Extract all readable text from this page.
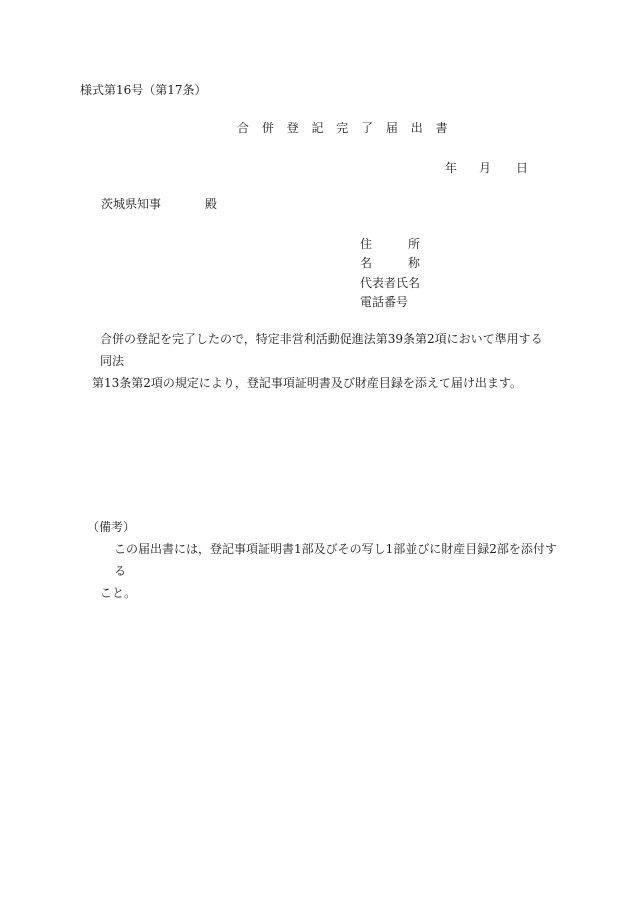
様式第16号（第17条）
合 併 登 記 完 了 届 出 書
年 月 日
茨城県知事	殿
住所
名称
代表者氏名
電話番号

合併の登記を完了したので，特定非営利活動促進法第39条第2項において準用する同法

第13条第2項の規定により，登記事項証明書及び財産目録を添えて届け出ます。

（備考）

この届出書には，登記事項証明書1部及びその写し1部並びに財産目録2部を添付する

こと。
